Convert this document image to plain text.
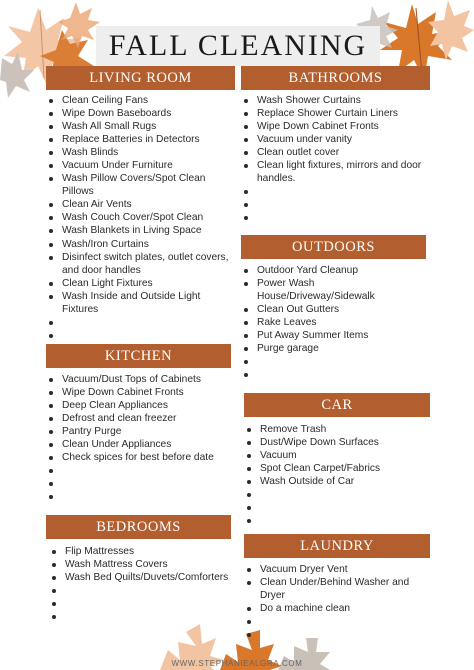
FALL CLEANING
LIVING ROOM
Clean Ceiling Fans
Wipe Down Baseboards
Wash All Small Rugs
Replace Batteries in Detectors
Wash Blinds
Vacuum Under Furniture
Wash Pillow Covers/Spot Clean Pillows
Clean Air Vents
Wash Couch Cover/Spot Clean
Wash Blankets in Living Space
Wash/Iron Curtains
Disinfect switch plates, outlet covers, and door handles
Clean Light Fixtures
Wash Inside and Outside Light Fixtures

BATHROOMS
Wash Shower Curtains
Replace Shower Curtain Liners
Wipe Down Cabinet Fronts
Vacuum under vanity
Clean outlet cover
Clean light fixtures, mirrors and door handles.

OUTDOORS
Outdoor Yard Cleanup
Power Wash House/Driveway/Sidewalk
Clean Out Gutters
Rake Leaves
Put Away Summer Items
Purge garage

KITCHEN
Vacuum/Dust Tops of Cabinets
Wipe Down Cabinet Fronts
Deep Clean Appliances
Defrost and clean freezer
Pantry Purge
Clean Under Appliances
Check spices for best before date

CAR
Remove Trash
Dust/Wipe Down Surfaces
Vacuum
Spot Clean Carpet/Fabrics
Wash Outside of Car

BEDROOMS
Flip Mattresses
Wash Mattress Covers
Wash Bed Quilts/Duvets/Comforters

LAUNDRY
Vacuum Dryer Vent
Clean Under/Behind Washer and Dryer
Do a machine clean

WWW.STEPHANIEALGRA.COM
